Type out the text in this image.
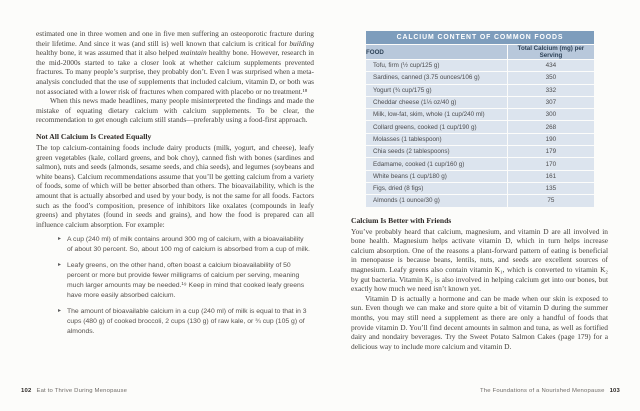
estimated one in three women and one in five men suffering an osteoporotic fracture during their lifetime. And since it was (and still is) well known that calcium is critical for building healthy bone, it was assumed that it also helped maintain healthy bone. However, research in the mid-2000s started to take a closer look at whether calcium supplements prevented fractures. To many people’s surprise, they probably don’t. Even I was surprised when a meta-analysis concluded that the use of supplements that included calcium, vitamin D, or both was not associated with a lower risk of fractures when compared with placebo or no treatment.¹⁸

When this news made headlines, many people misinterpreted the findings and made the mistake of equating dietary calcium with calcium supplements. To be clear, the recommendation to get enough calcium still stands—preferably using a food-first approach.

Not All Calcium Is Created Equally

The top calcium-containing foods include dairy products (milk, yogurt, and cheese), leafy green vegetables (kale, collard greens, and bok choy), canned fish with bones (sardines and salmon), nuts and seeds (almonds, sesame seeds, and chia seeds), and legumes (soybeans and white beans). Calcium recommendations assume that you’ll be getting calcium from a variety of foods, some of which will be better absorbed than others. The bioavailability, which is the amount that is actually absorbed and used by your body, is not the same for all foods. Factors such as the food’s composition, presence of inhibitors like oxalates (compounds in leafy greens) and phytates (found in seeds and grains), and how the food is prepared can all influence calcium absorption. For example:

▸ A cup (240 ml) of milk contains around 300 mg of calcium, with a bioavailability of about 30 percent. So, about 100 mg of calcium is absorbed from a cup of milk.
▸ Leafy greens, on the other hand, often boast a calcium bioavailability of 50 percent or more but provide fewer milligrams of calcium per serving, meaning much larger amounts may be needed.¹⁹ Keep in mind that cooked leafy greens have more easily absorbed calcium.
▸ The amount of bioavailable calcium in a cup (240 ml) of milk is equal to that in 3 cups (480 g) of cooked broccoli, 2 cups (130 g) of raw kale, or ¾ cup (105 g) of almonds.
CALCIUM CONTENT OF COMMON FOODS	
FOOD	Total Calcium (mg) per Serving
Tofu, firm (½ cup/125 g)	434
Sardines, canned (3.75 ounces/106 g)	350
Yogurt (¾ cup/175 g)	332
Cheddar cheese (1⅓ oz/40 g)	307
Milk, low-fat, skim, whole (1 cup/240 ml)	300
Collard greens, cooked (1 cup/190 g)	268
Molasses (1 tablespoon)	190
Chia seeds (2 tablespoons)	179
Edamame, cooked (1 cup/160 g)	170
White beans (1 cup/180 g)	161
Figs, dried (8 figs)	135
Almonds (1 ounce/30 g)	75
Calcium Is Better with Friends

You’ve probably heard that calcium, magnesium, and vitamin D are all involved in bone health. Magnesium helps activate vitamin D, which in turn helps increase calcium absorption. One of the reasons a plant-forward pattern of eating is beneficial in menopause is because beans, lentils, nuts, and seeds are excellent sources of magnesium. Leafy greens also contain vitamin K₁, which is converted to vitamin K₂ by gut bacteria. Vitamin K₂ is also involved in helping calcium get into our bones, but exactly how much we need isn’t known yet.

Vitamin D is actually a hormone and can be made when our skin is exposed to sun. Even though we can make and store quite a bit of vitamin D during the summer months, you may still need a supplement as there are only a handful of foods that provide vitamin D. You’ll find decent amounts in salmon and tuna, as well as fortified dairy and nondairy beverages. Try the Sweet Potato Salmon Cakes (page 179) for a delicious way to include more calcium and vitamin D.

102 Eat to Thrive During Menopause	The Foundations of a Nourished Menopause 103
